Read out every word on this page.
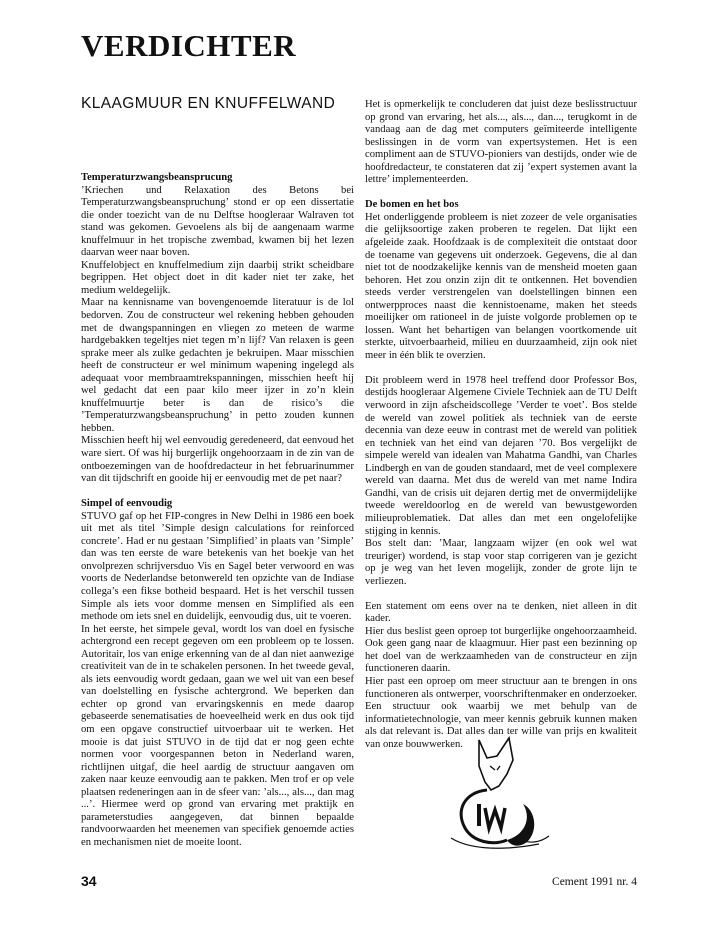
VERDICHTER
KLAAGMUUR EN KNUFFELWAND
Temperaturzwangsbeansprucung

’Kriechen und Relaxation des Betons bei Temperaturzwangsbeanspruchung’ stond er op een dissertatie die onder toezicht van de nu Delftse hoogleraar Walraven tot stand was gekomen. Gevoelens als bij de aangenaam warme knuffelmuur in het tropische zwembad, kwamen bij het lezen daarvan weer naar boven.

Knuffelobject en knuffelmedium zijn daarbij strikt scheidbare begrippen. Het object doet in dit kader niet ter zake, het medium weldegelijk.

Maar na kennisname van bovengenoemde literatuur is de lol bedorven. Zou de constructeur wel rekening hebben gehouden met de dwangspanningen en vliegen zo meteen de warme hardgebakken tegeltjes niet tegen m’n lijf? Van relaxen is geen sprake meer als zulke gedachten je bekruipen. Maar misschien heeft de constructeur er wel minimum wapening ingelegd als adequaat voor membraamtrekspanningen, misschien heeft hij wel gedacht dat een paar kilo meer ijzer in zo’n klein knuffelmuurtje beter is dan de risico’s die ’Temperaturzwangsbeanspruchung’ in petto zouden kunnen hebben.

Misschien heeft hij wel eenvoudig geredeneerd, dat eenvoud het ware siert. Of was hij burgerlijk ongehoorzaam in de zin van de ontboezemingen van de hoofdredacteur in het februarinummer van dit tijdschrift en gooide hij er eenvoudig met de pet naar?

Simpel of eenvoudig

STUVO gaf op het FIP-congres in New Delhi in 1986 een boek uit met als titel ’Simple design calculations for reinforced concrete’. Had er nu gestaan ’Simplified’ in plaats van ’Simple’ dan was ten eerste de ware betekenis van het boekje van het onvolprezen schrijversduo Vis en Sagel beter verwoord en was voorts de Nederlandse betonwereld ten opzichte van de Indiase collega’s een fikse botheid bespaard. Het is het verschil tussen Simple als iets voor domme mensen en Simplified als een methode om iets snel en duidelijk, eenvoudig dus, uit te voeren.

In het eerste, het simpele geval, wordt los van doel en fysische achtergrond een recept gegeven om een probleem op te lossen. Autoritair, los van enige erkenning van de al dan niet aanwezige creativiteit van de in te schakelen personen. In het tweede geval, als iets eenvoudig wordt gedaan, gaan we wel uit van een besef van doelstelling en fysische achtergrond. We beperken dan echter op grond van ervaringskennis en mede daarop gebaseerde senematisaties de hoeveelheid werk en dus ook tijd om een opgave constructief uitvoerbaar uit te werken. Het mooie is dat juist STUVO in de tijd dat er nog geen echte normen voor voorgespannen beton in Nederland waren, richtlijnen uitgaf, die heel aardig de structuur aangaven om zaken naar keuze eenvoudig aan te pakken. Men trof er op vele plaatsen redeneringen aan in de sfeer van: ’als..., als..., dan mag ...’. Hiermee werd op grond van ervaring met praktijk en parameterstudies aangegeven, dat binnen bepaalde randvoorwaarden het meenemen van specifiek genoemde acties en mechanismen niet de moeite loont.

Het is opmerkelijk te concluderen dat juist deze beslisstructuur op grond van ervaring, het als..., als..., dan..., terugkomt in de vandaag aan de dag met computers geïmiteerde intelligente beslissingen in de vorm van expertsystemen. Het is een compliment aan de STUVO-pioniers van destijds, onder wie de hoofdredacteur, te constateren dat zij ’expert systemen avant la lettre’ implementeerden.

De bomen en het bos

Het onderliggende probleem is niet zozeer de vele organisaties die gelijksoortige zaken proberen te regelen. Dat lijkt een afgeleide zaak. Hoofdzaak is de complexiteit die ontstaat door de toename van gegevens uit onderzoek. Gegevens, die al dan niet tot de noodzakelijke kennis van de mensheid moeten gaan behoren. Het zou onzin zijn dit te ontkennen. Het bovendien steeds verder verstrengelen van doelstellingen binnen een ontwerpproces naast die kennistoename, maken het steeds moeilijker om rationeel in de juiste volgorde problemen op te lossen. Want het behartigen van belangen voortkomende uit sterkte, uitvoerbaarheid, milieu en duurzaamheid, zijn ook niet meer in één blik te overzien.

Dit probleem werd in 1978 heel treffend door Professor Bos, destijds hoogleraar Algemene Civiele Techniek aan de TU Delft verwoord in zijn afscheidscollege ’Verder te voet’. Bos stelde de wereld van zowel politiek als techniek van de eerste decennia van deze eeuw in contrast met de wereld van politiek en techniek van het eind van dejaren ’70. Bos vergelijkt de simpele wereld van idealen van Mahatma Gandhi, van Charles Lindbergh en van de gouden standaard, met de veel complexere wereld van daarna. Met dus de wereld van met name Indira Gandhi, van de crisis uit dejaren dertig met de onvermijdelijke tweede wereldoorlog en de wereld van bewustgeworden milieuproblematiek. Dat alles dan met een ongelofelijke stijging in kennis.

Bos stelt dan: ’Maar, langzaam wijzer (en ook wel wat treuriger) wordend, is stap voor stap corrigeren van je gezicht op je weg van het leven mogelijk, zonder de grote lijn te verliezen.

Een statement om eens over na te denken, niet alleen in dit kader.

Hier dus beslist geen oproep tot burgerlijke ongehoorzaamheid. Ook geen gang naar de klaagmuur. Hier past een bezinning op het doel van de werkzaamheden van de constructeur en zijn functioneren daarin.

Hier past een oproep om meer structuur aan te brengen in ons functioneren als ontwerper, voorschriftenmaker en onderzoeker. Een structuur ook waarbij we met behulp van de informatietechnologie, van meer kennis gebruik kunnen maken als dat relevant is. Dat alles dan ter wille van prijs en kwaliteit van onze bouwwerken.

34	Cement 1991 nr. 4
